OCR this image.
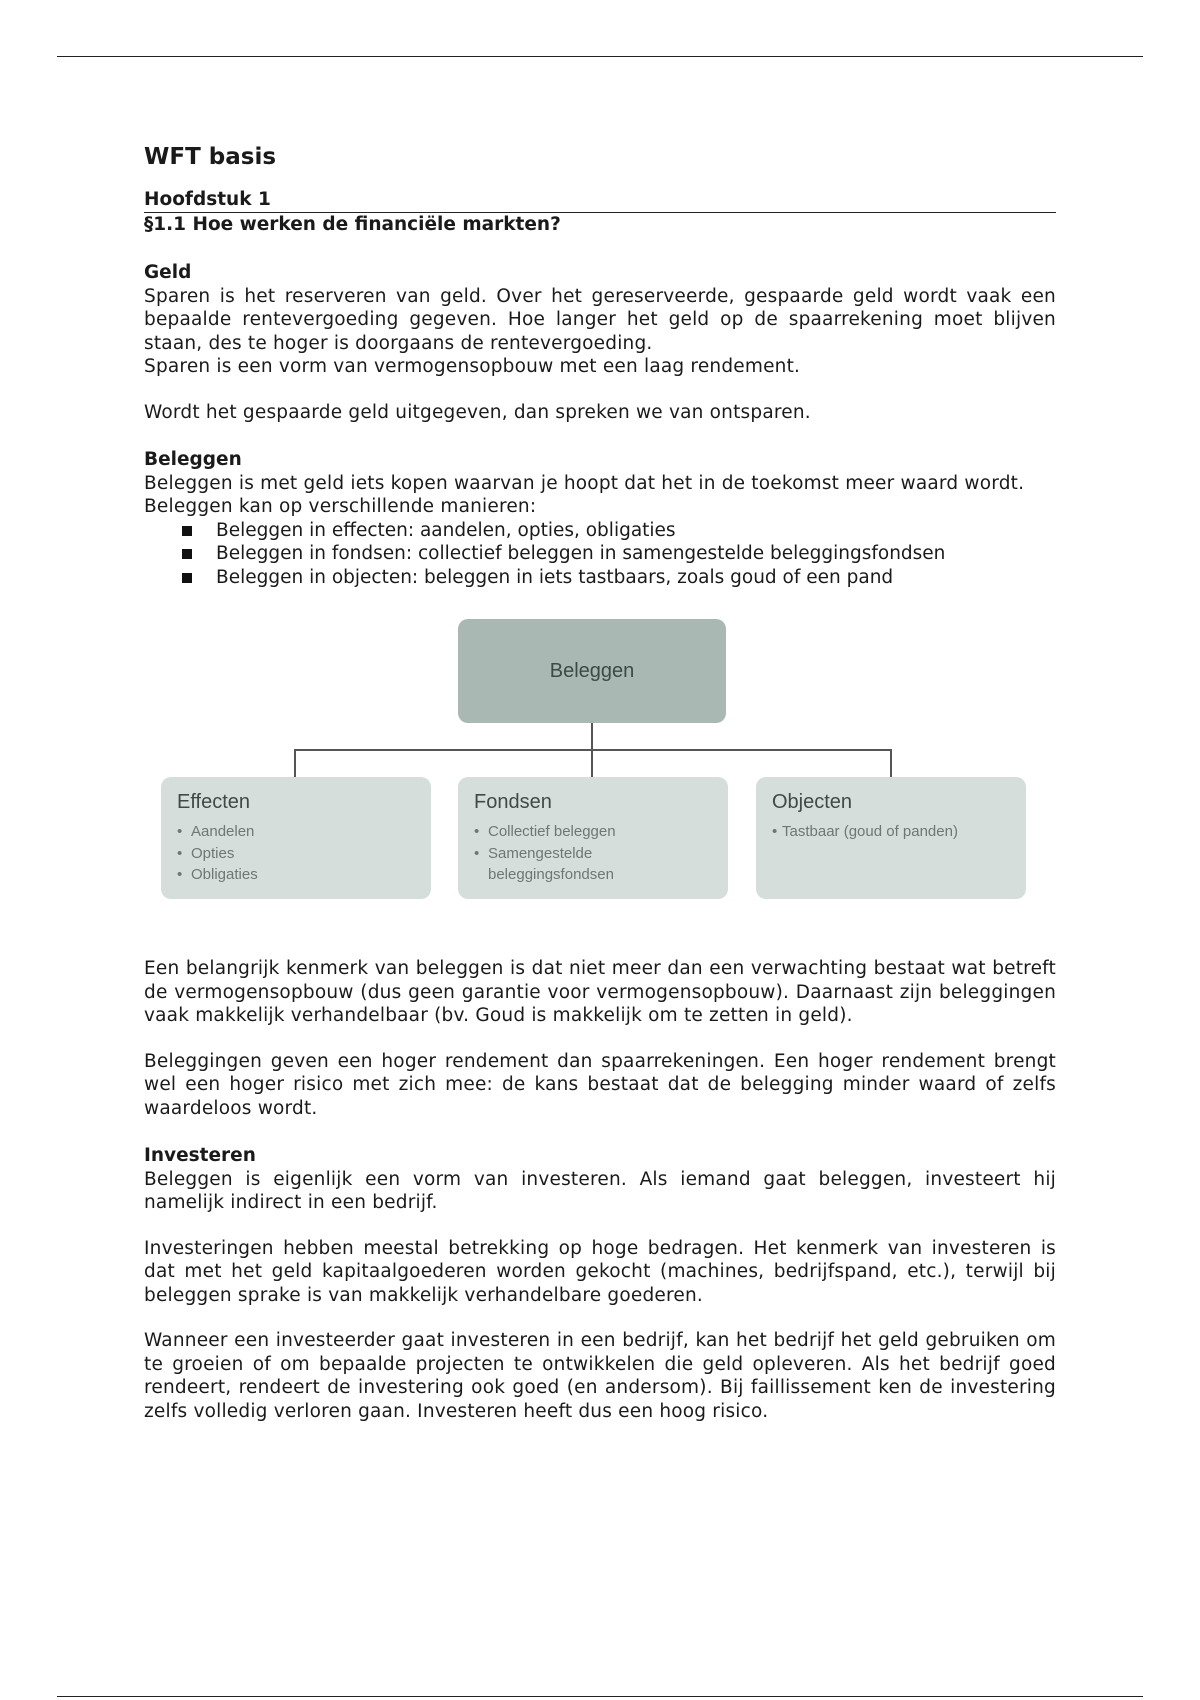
WFT basis
Hoofdstuk 1
§1.1 Hoe werken de financiële markten?
Geld

Sparen is het reserveren van geld. Over het gereserveerde, gespaarde geld wordt vaak een bepaalde rentevergoeding gegeven. Hoe langer het geld op de spaarrekening moet blijven staan, des te hoger is doorgaans de rentevergoeding.

Sparen is een vorm van vermogensopbouw met een laag rendement.

Wordt het gespaarde geld uitgegeven, dan spreken we van ontsparen.

Beleggen

Beleggen is met geld iets kopen waarvan je hoopt dat het in de toekomst meer waard wordt.

Beleggen kan op verschillende manieren:

Beleggen in effecten: aandelen, opties, obligaties
Beleggen in fondsen: collectief beleggen in samengestelde beleggingsfondsen
Beleggen in objecten: beleggen in iets tastbaars, zoals goud of een pand
Beleggen
Effecten
• Aandelen
• Opties
• Obligaties
Fondsen
• Collectief beleggen
• Samengestelde
beleggingsfondsen
Objecten
• Tastbaar (goud of panden)

Een belangrijk kenmerk van beleggen is dat niet meer dan een verwachting bestaat wat betreft de vermogensopbouw (dus geen garantie voor vermogensopbouw). Daarnaast zijn beleggingen vaak makkelijk verhandelbaar (bv. Goud is makkelijk om te zetten in geld).

Beleggingen geven een hoger rendement dan spaarrekeningen. Een hoger rendement brengt wel een hoger risico met zich mee: de kans bestaat dat de belegging minder waard of zelfs waardeloos wordt.

Investeren

Beleggen is eigenlijk een vorm van investeren. Als iemand gaat beleggen, investeert hij namelijk indirect in een bedrijf.

Investeringen hebben meestal betrekking op hoge bedragen. Het kenmerk van investeren is dat met het geld kapitaalgoederen worden gekocht (machines, bedrijfspand, etc.), terwijl bij beleggen sprake is van makkelijk verhandelbare goederen.

Wanneer een investeerder gaat investeren in een bedrijf, kan het bedrijf het geld gebruiken om te groeien of om bepaalde projecten te ontwikkelen die geld opleveren. Als het bedrijf goed rendeert, rendeert de investering ook goed (en andersom). Bij faillissement ken de investering zelfs volledig verloren gaan. Investeren heeft dus een hoog risico.
